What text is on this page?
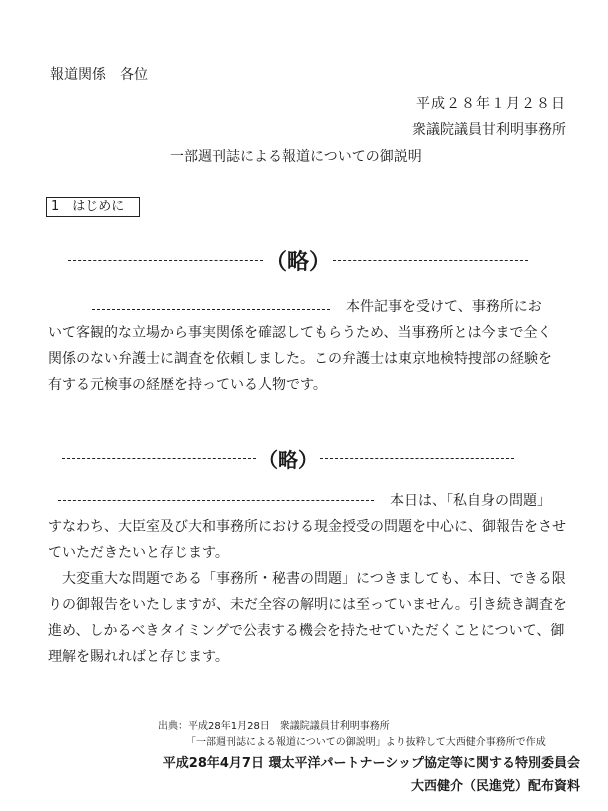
報道関係　各位
平成２８年１月２８日
衆議院議員甘利明事務所
一部週刊誌による報道についての御説明
1　はじめに
（略）
本件記事を受けて、事務所にお
いて客観的な立場から事実関係を確認してもらうため、当事務所とは今まで全く関係のない弁護士に調査を依頼しました。この弁護士は東京地検特捜部の経験を有する元検事の経歴を持っている人物です。
（略）
本日は、「私自身の問題」
すなわち、大臣室及び大和事務所における現金授受の問題を中心に、御報告をさせていただきたいと存じます。
　大変重大な問題である「事務所・秘書の問題」につきましても、本日、できる限りの御報告をいたしますが、未だ全容の解明には至っていません。引き続き調査を進め、しかるべきタイミングで公表する機会を持たせていただくことについて、御理解を賜れればと存じます。
出典：平成28年1月28日　衆議院議員甘利明事務所
「一部週刊誌による報道についての御説明」より抜粋して大西健介事務所で作成
平成28年4月7日 環太平洋パートナーシップ協定等に関する特別委員会
大西健介（民進党）配布資料
